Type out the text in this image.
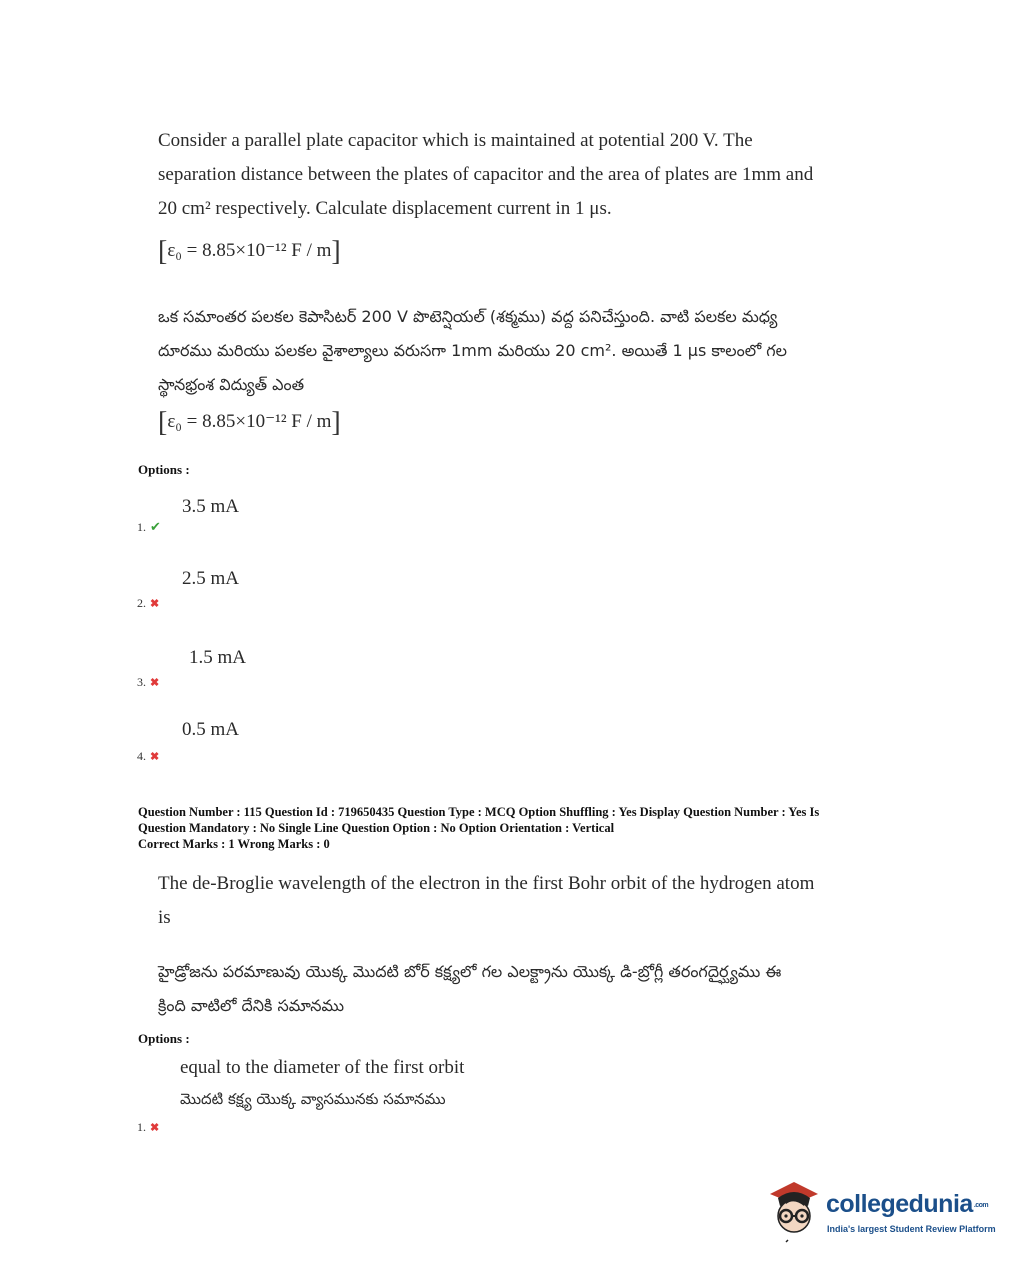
Consider a parallel plate capacitor which is maintained at potential 200 V. The
separation distance between the plates of capacitor and the area of plates are 1mm and
20 cm² respectively. Calculate displacement current in 1 μs.
[ε₀ = 8.85×10⁻¹² F / m]
ఒక సమాంతర పలకల కెపాసిటర్ 200 V పొటెన్షియల్ (శక్మము) వద్ద పనిచేస్తుంది. వాటి పలకల మధ్య
దూరము మరియు పలకల వైశాల్యాలు వరుసగా 1mm మరియు 20 cm². అయితే 1 μs కాలంలో గల
స్థానభ్రంశ విద్యుత్ ఎంత
[ε₀ = 8.85×10⁻¹² F / m]
Options :
3.5 mA
1. ✔
2.5 mA
2. ✖
1.5 mA
3. ✖
0.5 mA
4. ✖
Question Number : 115 Question Id : 719650435 Question Type : MCQ Option Shuffling : Yes Display Question Number : Yes Is
Question Mandatory : No Single Line Question Option : No Option Orientation : Vertical
Correct Marks : 1 Wrong Marks : 0
The de-Broglie wavelength of the electron in the first Bohr orbit of the hydrogen atom
is
హైడ్రోజను పరమాణువు యొక్క మొదటి బోర్ కక్ష్యలో గల ఎలక్ట్రాను యొక్క డి-బ్రోగ్లీ తరంగదైర్ఘ్యము ఈ
క్రింది వాటిలో దేనికి సమానము
Options :
equal to the diameter of the first orbit
మొదటి కక్ష్య యొక్క వ్యాసమునకు సమానము
1. ✖
collegedunia.com
India's largest Student Review Platform
